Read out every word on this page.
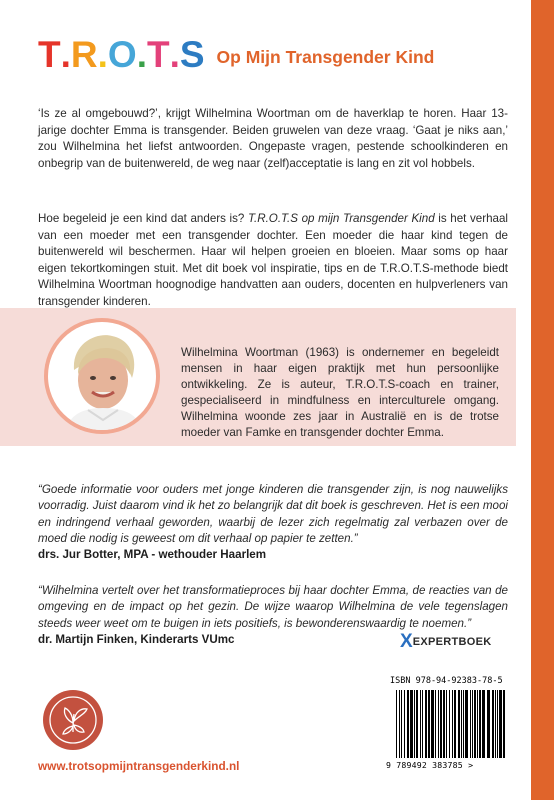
T.R.O.T.S Op Mijn Transgender Kind

‘Is ze al omgebouwd?’, krijgt Wilhelmina Woortman om de haverklap te horen. Haar 13-jarige dochter Emma is transgender. Beiden gruwelen van deze vraag. ‘Gaat je niks aan,’ zou Wilhelmina het liefst antwoorden. Ongepaste vragen, pestende schoolkinderen en onbegrip van de buitenwereld, de weg naar (zelf)acceptatie is lang en zit vol hobbels.

Hoe begeleid je een kind dat anders is? T.R.O.T.S op mijn Transgender Kind is het verhaal van een moeder met een transgender dochter. Een moeder die haar kind tegen de buitenwereld wil beschermen. Haar wil helpen groeien en bloeien. Maar soms op haar eigen tekortkomingen stuit. Met dit boek vol inspiratie, tips en de T.R.O.T.S-methode biedt Wilhelmina Woortman hoognodige handvatten aan ouders, docenten en hulpverleners van transgender kinderen.

Wilhelmina Woortman (1963) is ondernemer en begeleidt mensen in haar eigen praktijk met hun persoonlijke ontwikkeling. Ze is auteur, T.R.O.T.S-coach en trainer, gespecialiseerd in mindfulness en interculturele omgang. Wilhelmina woonde zes jaar in Australië en is de trotse moeder van Famke en transgender dochter Emma.

“Goede informatie voor ouders met jonge kinderen die transgender zijn, is nog nauwelijks voorradig. Juist daarom vind ik het zo belangrijk dat dit boek is geschreven. Het is een mooi en indringend verhaal geworden, waarbij de lezer zich regelmatig zal verbazen over de moed die nodig is geweest om dit verhaal op papier te zetten.”

drs. Jur Botter, MPA - wethouder Haarlem

“Wilhelmina vertelt over het transformatieproces bij haar dochter Emma, de reacties van de omgeving en de impact op het gezin. De wijze waarop Wilhelmina de vele tegenslagen steeds weer weet om te buigen in iets positiefs, is bewonderenswaardig te noemen.”

dr. Martijn Finken, Kinderarts VUmc

www.trotsopmijntransgenderkind.nl

X EXPERTBOEK

ISBN 978-94-92383-78-5

9 789492 383785 >
